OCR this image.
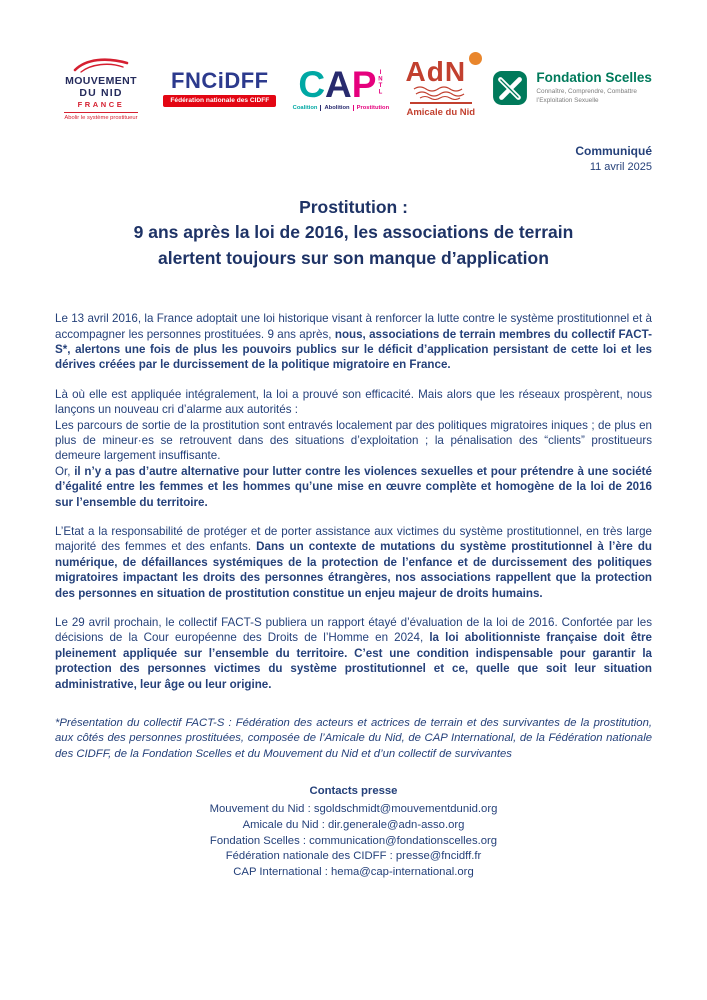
MOUVEMENT
DU NID
FRANCE
Abolir le système prostitueur
FNCiDFF
Fédération nationale des CIDFF C A P INTL
Coalition	Abolition	Prostitution
AdN
Amicale du Nid
Fondation Scelles
Connaître, Comprendre, Combattre
l’Exploitation Sexuelle
Communiqué
11 avril 2025
Prostitution :
9 ans après la loi de 2016, les associations de terrain
alertent toujours sur son manque d’application

Le 13 avril 2016, la France adoptait une loi historique visant à renforcer la lutte contre le système prostitutionnel et à accompagner les personnes prostituées. 9 ans après, nous, associations de terrain membres du collectif FACT-S*, alertons une fois de plus les pouvoirs publics sur le déficit d’application persistant de cette loi et les dérives créées par le durcissement de la politique migratoire en France.

Là où elle est appliquée intégralement, la loi a prouvé son efficacité. Mais alors que les réseaux prospèrent, nous lançons un nouveau cri d’alarme aux autorités :
Les parcours de sortie de la prostitution sont entravés localement par des politiques migratoires iniques ; de plus en plus de mineur·es se retrouvent dans des situations d’exploitation ; la pénalisation des “clients” prostitueurs demeure largement insuffisante.
Or, il n’y a pas d’autre alternative pour lutter contre les violences sexuelles et pour prétendre à une société d’égalité entre les femmes et les hommes qu’une mise en œuvre complète et homogène de la loi de 2016 sur l’ensemble du territoire.

L’Etat a la responsabilité de protéger et de porter assistance aux victimes du système prostitutionnel, en très large majorité des femmes et des enfants. Dans un contexte de mutations du système prostitutionnel à l’ère du numérique, de défaillances systémiques de la protection de l’enfance et de durcissement des politiques migratoires impactant les droits des personnes étrangères, nos associations rappellent que la protection des personnes en situation de prostitution constitue un enjeu majeur de droits humains.

Le 29 avril prochain, le collectif FACT-S publiera un rapport étayé d’évaluation de la loi de 2016. Confortée par les décisions de la Cour européenne des Droits de l’Homme en 2024, la loi abolitionniste française doit être pleinement appliquée sur l’ensemble du territoire. C’est une condition indispensable pour garantir la protection des personnes victimes du système prostitutionnel et ce, quelle que soit leur situation administrative, leur âge ou leur origine.

*Présentation du collectif FACT-S : Fédération des acteurs et actrices de terrain et des survivantes de la prostitution, aux côtés des personnes prostituées, composée de l’Amicale du Nid, de CAP International, de la Fédération nationale des CIDFF, de la Fondation Scelles et du Mouvement du Nid et d’un collectif de survivantes

Contacts presse
Mouvement du Nid : sgoldschmidt@mouvementdunid.org
Amicale du Nid : dir.generale@adn-asso.org
Fondation Scelles : communication@fondationscelles.org
Fédération nationale des CIDFF : presse@fncidff.fr
CAP International : hema@cap-international.org
